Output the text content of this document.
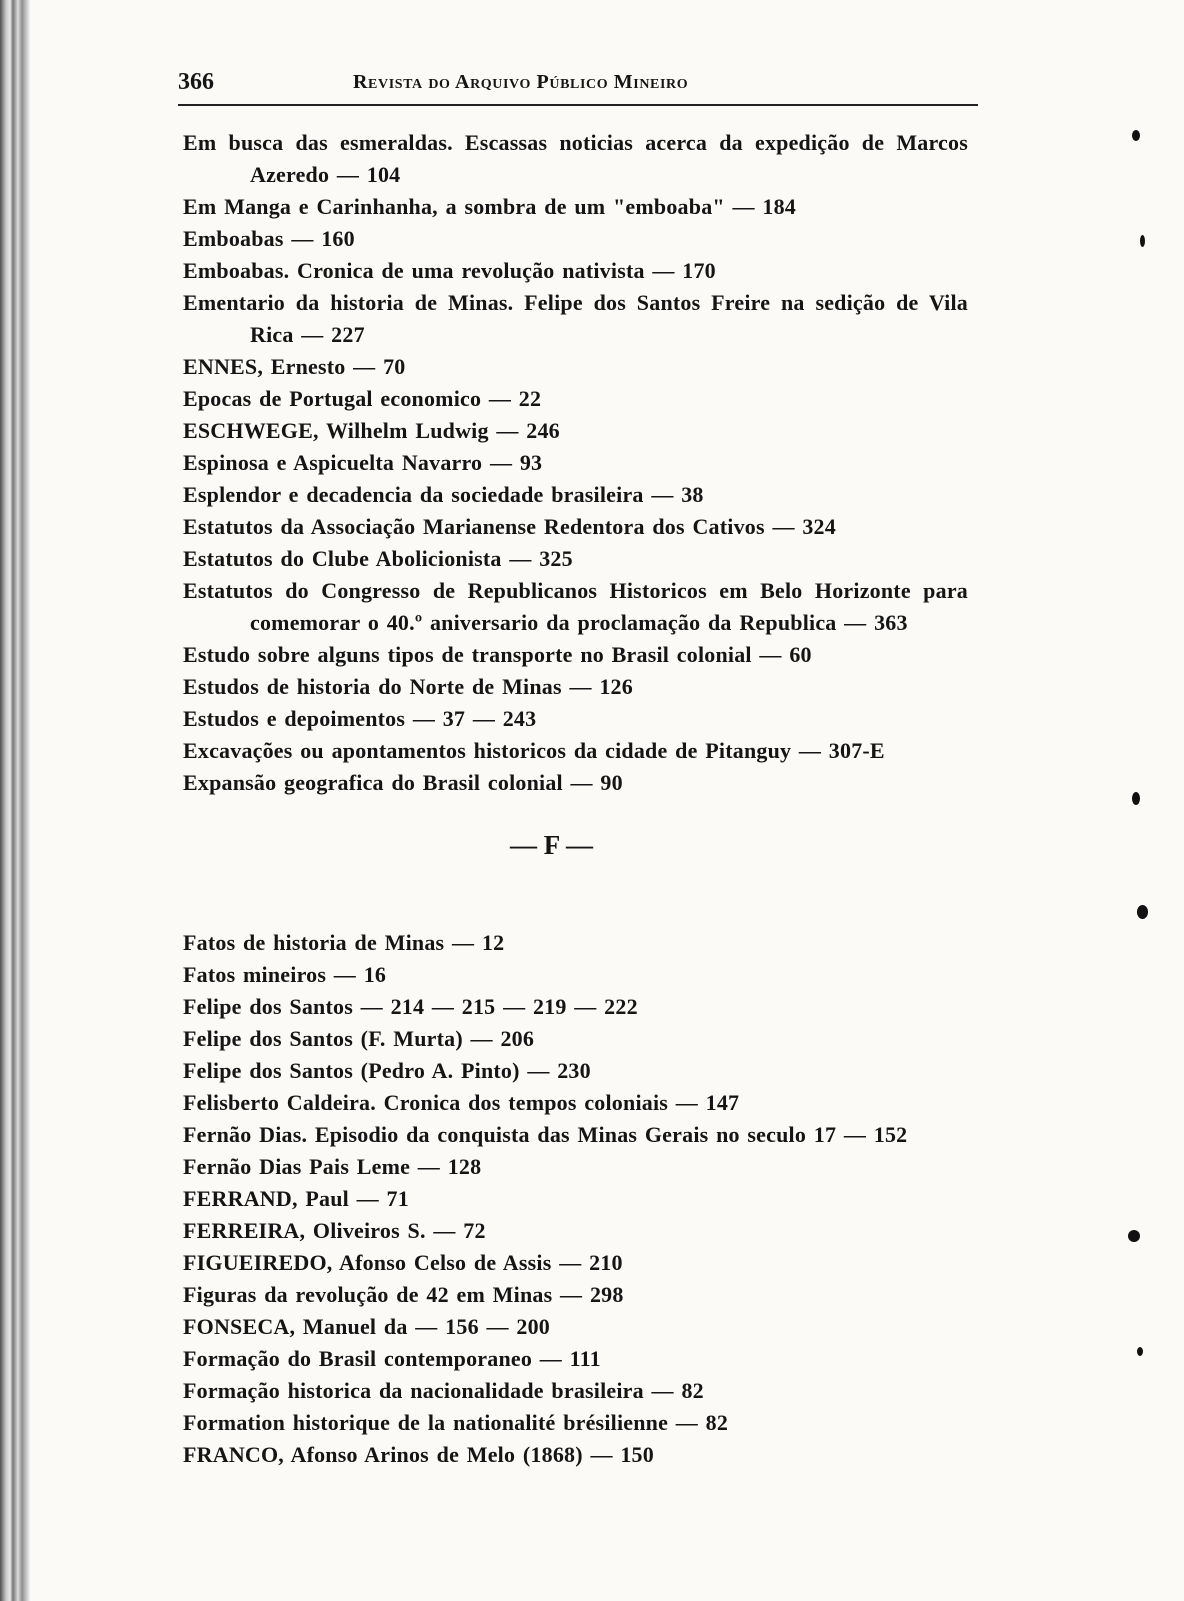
366	Revista do Arquivo Público Mineiro
Em busca das esmeraldas. Escassas noticias acerca da expedição de Marcos Azeredo — 104
Em Manga e Carinhanha, a sombra de um "emboaba" — 184
Emboabas — 160
Emboabas. Cronica de uma revolução nativista — 170
Ementario da historia de Minas. Felipe dos Santos Freire na sedição de Vila Rica — 227
ENNES, Ernesto — 70
Epocas de Portugal economico — 22
ESCHWEGE, Wilhelm Ludwig — 246
Espinosa e Aspicuelta Navarro — 93
Esplendor e decadencia da sociedade brasileira — 38
Estatutos da Associação Marianense Redentora dos Cativos — 324
Estatutos do Clube Abolicionista — 325
Estatutos do Congresso de Republicanos Historicos em Belo Horizonte para comemorar o 40.º aniversario da proclamação da Republica — 363
Estudo sobre alguns tipos de transporte no Brasil colonial — 60
Estudos de historia do Norte de Minas — 126
Estudos e depoimentos — 37 — 243
Excavações ou apontamentos historicos da cidade de Pitanguy — 307-E
Expansão geografica do Brasil colonial — 90
— F —
Fatos de historia de Minas — 12
Fatos mineiros — 16
Felipe dos Santos — 214 — 215 — 219 — 222
Felipe dos Santos (F. Murta) — 206
Felipe dos Santos (Pedro A. Pinto) — 230
Felisberto Caldeira. Cronica dos tempos coloniais — 147
Fernão Dias. Episodio da conquista das Minas Gerais no seculo 17 — 152
Fernão Dias Pais Leme — 128
FERRAND, Paul — 71
FERREIRA, Oliveiros S. — 72
FIGUEIREDO, Afonso Celso de Assis — 210
Figuras da revolução de 42 em Minas — 298
FONSECA, Manuel da — 156 — 200
Formação do Brasil contemporaneo — 111
Formação historica da nacionalidade brasileira — 82
Formation historique de la nationalité brésilienne — 82
FRANCO, Afonso Arinos de Melo (1868) — 150
